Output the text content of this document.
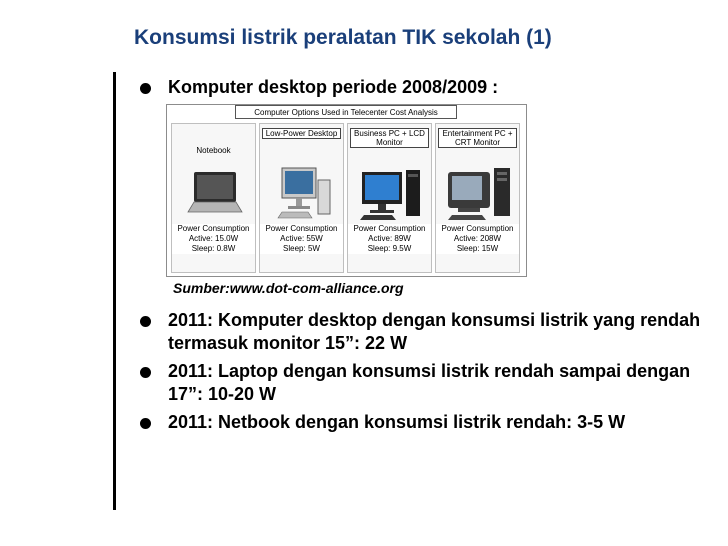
Konsumsi listrik peralatan TIK sekolah (1)
Komputer desktop periode 2008/2009 :
Computer Options Used in Telecenter Cost Analysis
Notebook
Power Consumption
Active: 15.0W
Sleep: 0.8W
Low-Power Desktop
Power Consumption
Active: 55W
Sleep: 5W
Business PC + LCD Monitor
Power Consumption
Active: 89W
Sleep: 9.5W
Entertainment PC + CRT Monitor
Power Consumption
Active: 208W
Sleep: 15W
Sumber:www.dot-com-alliance.org
2011: Komputer desktop dengan konsumsi listrik yang rendah termasuk monitor 15”: 22 W
2011: Laptop dengan konsumsi listrik rendah sampai dengan 17”: 10-20 W
2011: Netbook dengan konsumsi listrik rendah: 3-5 W
